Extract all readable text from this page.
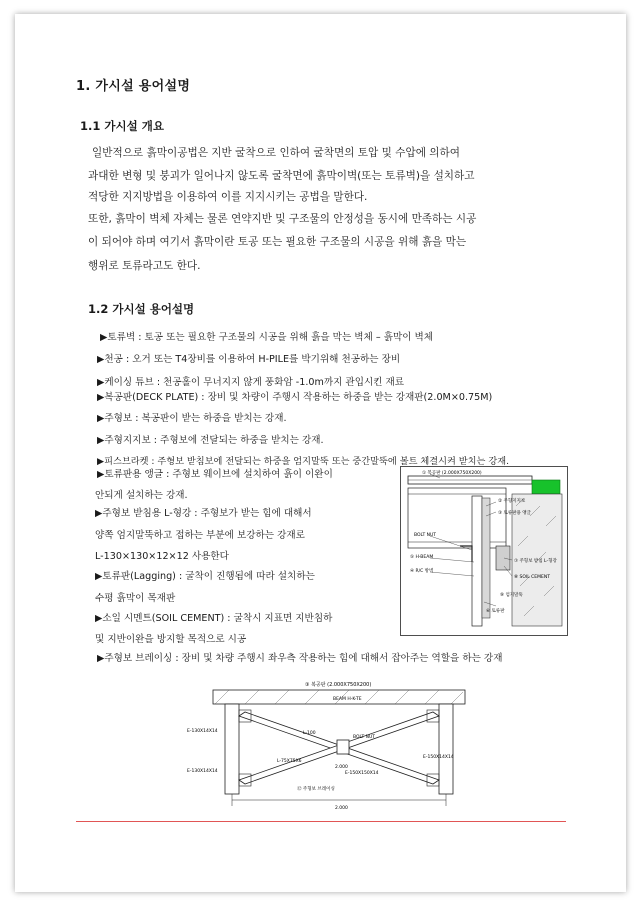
1. 가시설 용어설명
1.1 가시설 개요
일반적으로 흙막이공법은 지반 굴착으로 인하여 굴착면의 토압 및 수압에 의하여
과대한 변형 및 붕괴가 일어나지 않도록 굴착면에 흙막이벽(또는 토류벽)을 설치하고
적당한 지지방법을 이용하여 이를 지지시키는 공법을 말한다.
또한, 흙막이 벽체 자체는 물론 연약지반 및 구조물의 안정성을 동시에 만족하는 시공
이 되어야 하며 여기서 흙막이란 토공 또는 필요한 구조물의 시공을 위해 흙을 막는
행위로 토류라고도 한다.
1.2 가시설 용어설명
▶토류벽 : 토공 또는 필요한 구조물의 시공을 위해 흙을 막는 벽체 – 흙막이 벽체
▶천공 : 오거 또는 T4장비를 이용하여 H-PILE를 박기위해 천공하는 장비
▶케이싱 튜브 : 천공홀이 무너지지 않게 풍화암 -1.0m까지 관입시킨 재료
▶복공판(DECK PLATE) : 장비 및 차량이 주행시 작용하는 하중을 받는 강재판(2.0M×0.75M)
▶주형보 : 복공판이 받는 하중을 받치는 강재.
▶주형지지보 : 주형보에 전달되는 하중을 받치는 강재.
▶피스브라켓 : 주형보 받침보에 전달되는 하중을 엄지말뚝 또는 중간말뚝에 볼트 체결시켜 받치는 강재.
▶토류판용 앵글 : 주형보 웨이브에 설치하여 흙이 이완이
안되게 설치하는 강재.
▶주형보 받침용 L-형강 : 주형보가 받는 힘에 대해서
양쪽 엄지말뚝하고 접하는 부분에 보강하는 강재로
L-130×130×12×12 사용한다
▶토류판(Lagging) : 굴착이 진행됨에 따라 설치하는
수평 흙막이 목재판
▶소일 시멘트(SOIL CEMENT) : 굴착시 지표면 지반침하
및 지반이완을 방지할 목적으로 시공
▶주형보 브레이싱 : 장비 및 차량 주행시 좌우측 작용하는 힘에 대해서 잡아주는 역할을 하는 강재
① 복공판 (2.000X750X200)
② 주형지지보
③ 토류판용 앵글
BOLT NUT
⑤ H-BEAM
④ R/C 방벽
⑥ 토류판
⑦ 주형보 받침 L-형강
⑧ SOIL CEMENT
⑨ 엄지말뚝
③ 복공판 (2.000X750X200)
BEAM H-K-TE
BOLT NUT
L-100
L-75X75X6
E-130X14X14
E-130X14X14
E-150X14X14
E-150X150X14
2.000
2.000
⑫ 주형보 브레이싱
